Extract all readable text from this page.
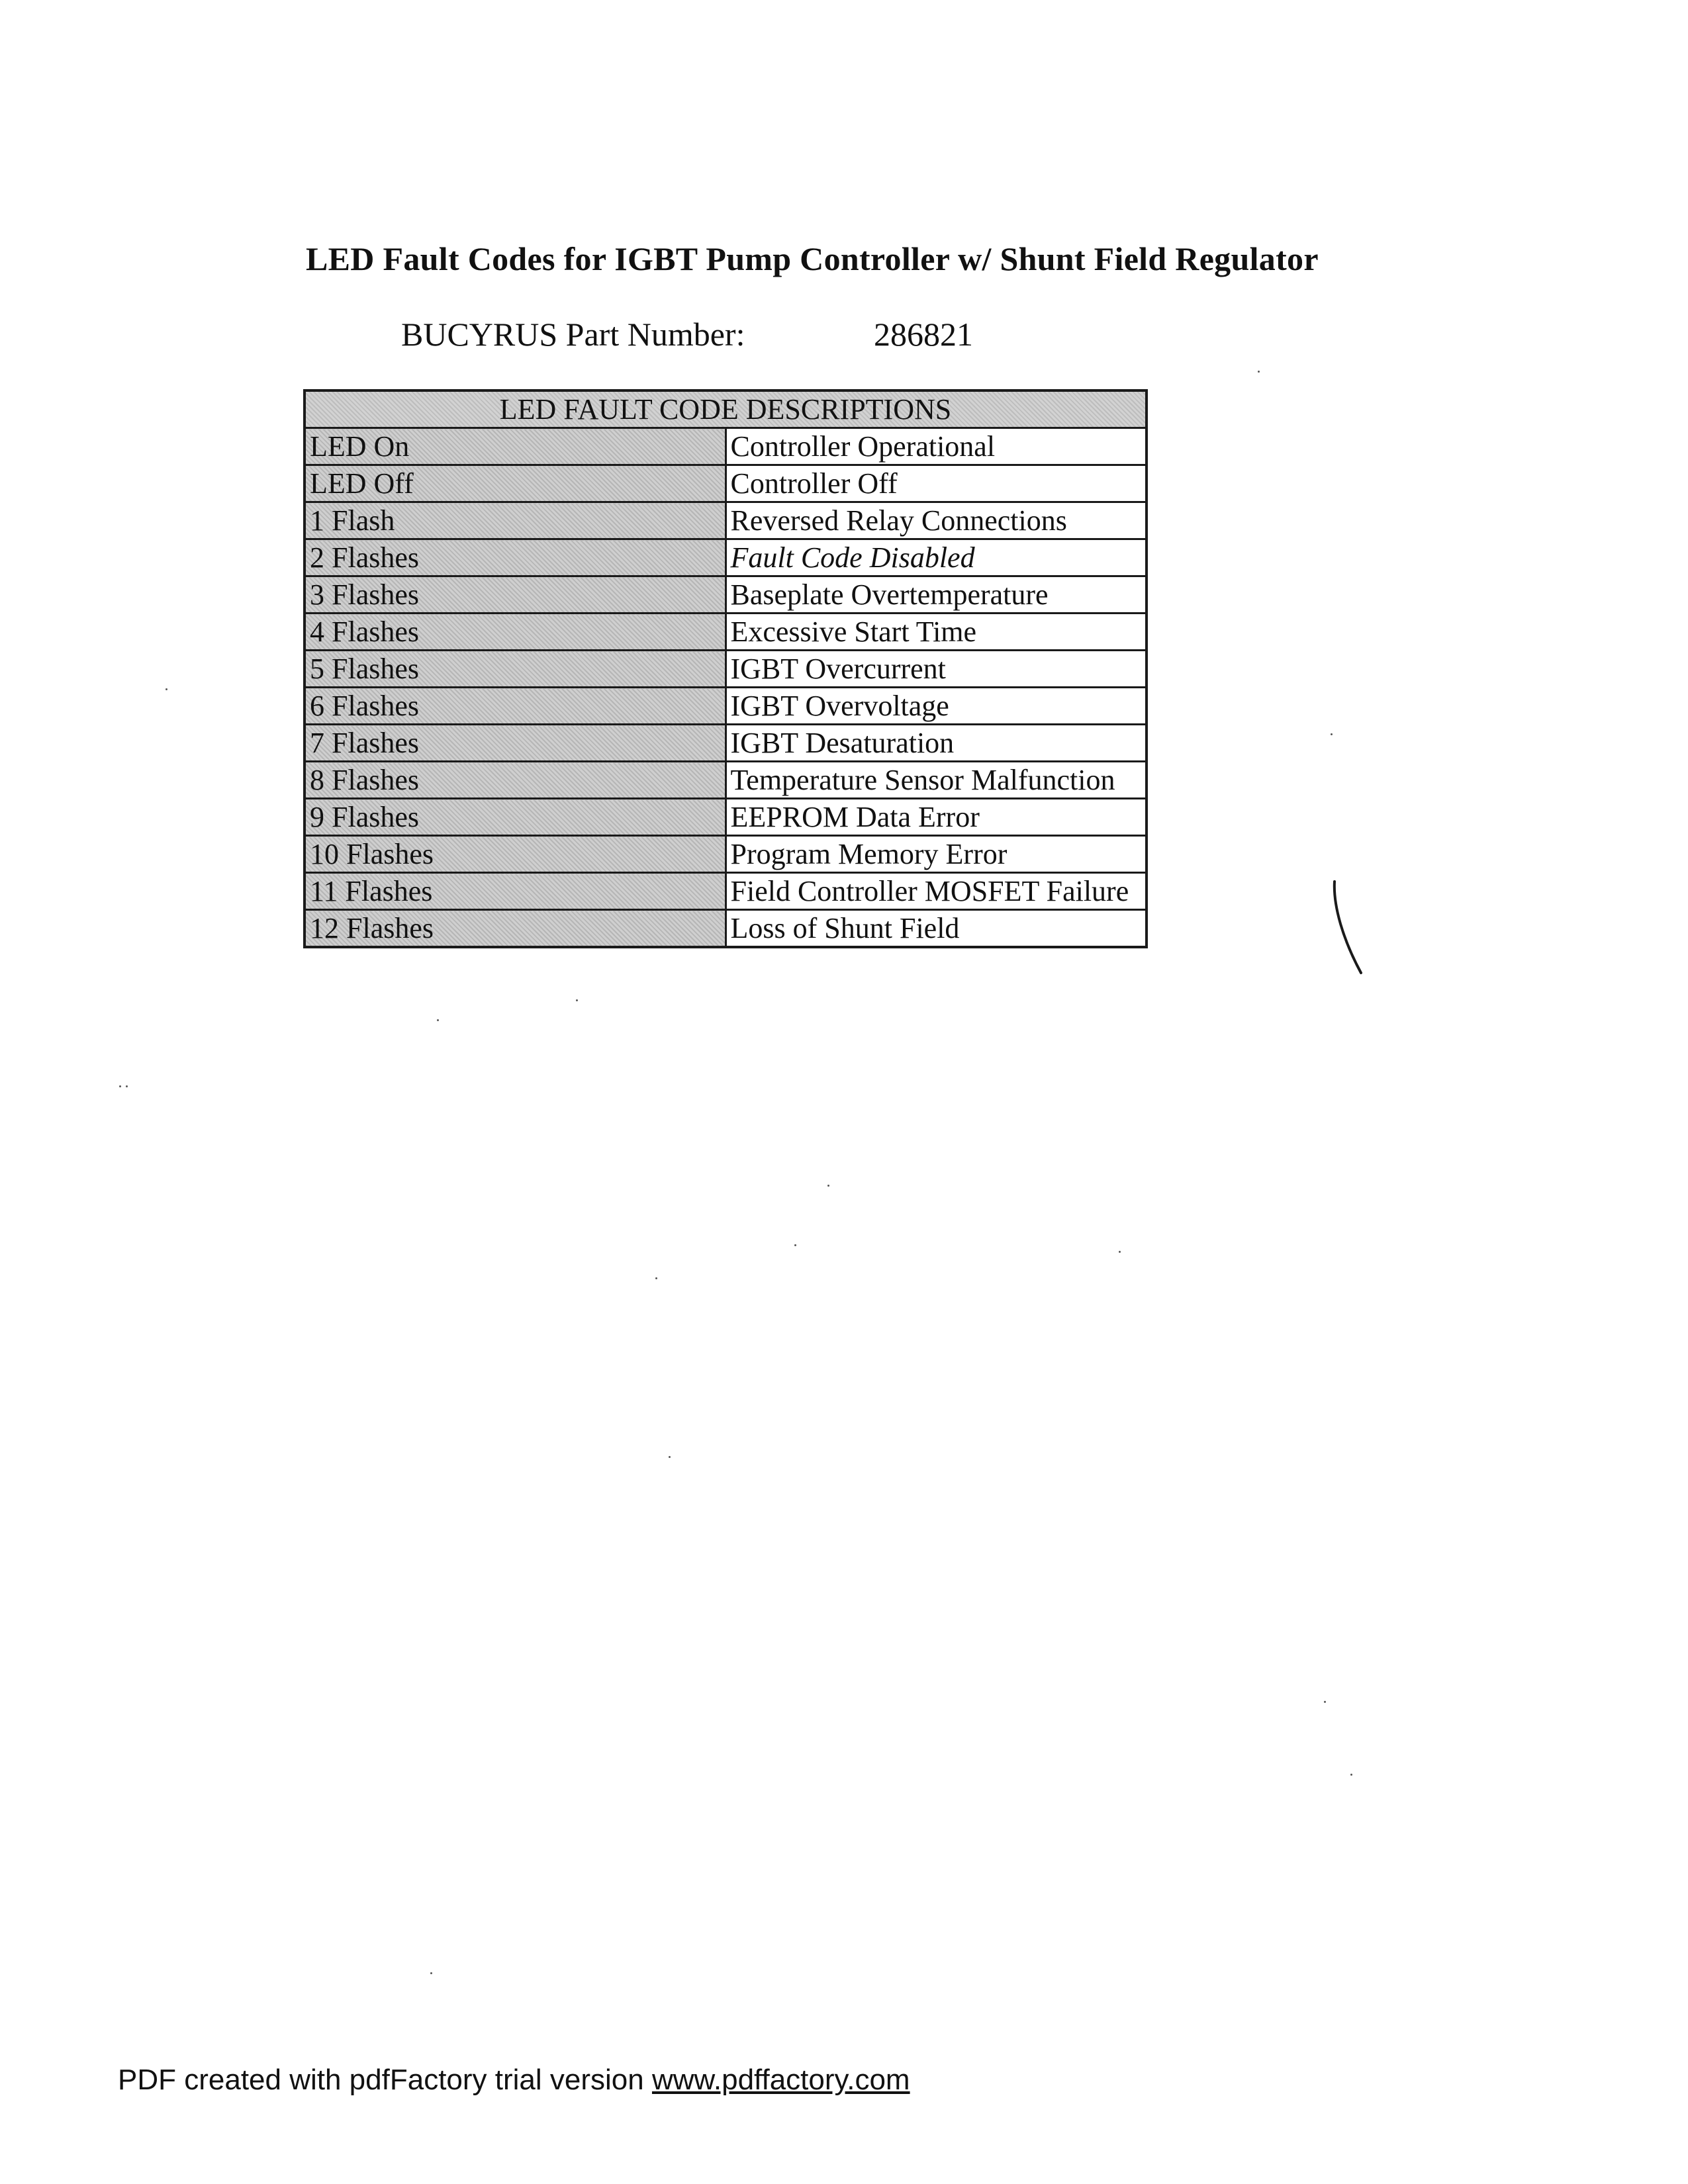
LED Fault Codes for IGBT Pump Controller w/ Shunt Field Regulator
BUCYRUS Part Number:	286821
LED FAULT CODE DESCRIPTIONS	
LED On	Controller Operational
LED Off	Controller Off
1 Flash	Reversed Relay Connections
2 Flashes	Fault Code Disabled
3 Flashes	Baseplate Overtemperature
4 Flashes	Excessive Start Time
5 Flashes	IGBT Overcurrent
6 Flashes	IGBT Overvoltage
7 Flashes	IGBT Desaturation
8 Flashes	Temperature Sensor Malfunction
9 Flashes	EEPROM Data Error
10 Flashes	Program Memory Error
11 Flashes	Field Controller MOSFET Failure
12 Flashes	Loss of Shunt Field
PDF created with pdfFactory trial version www.pdffactory.com
